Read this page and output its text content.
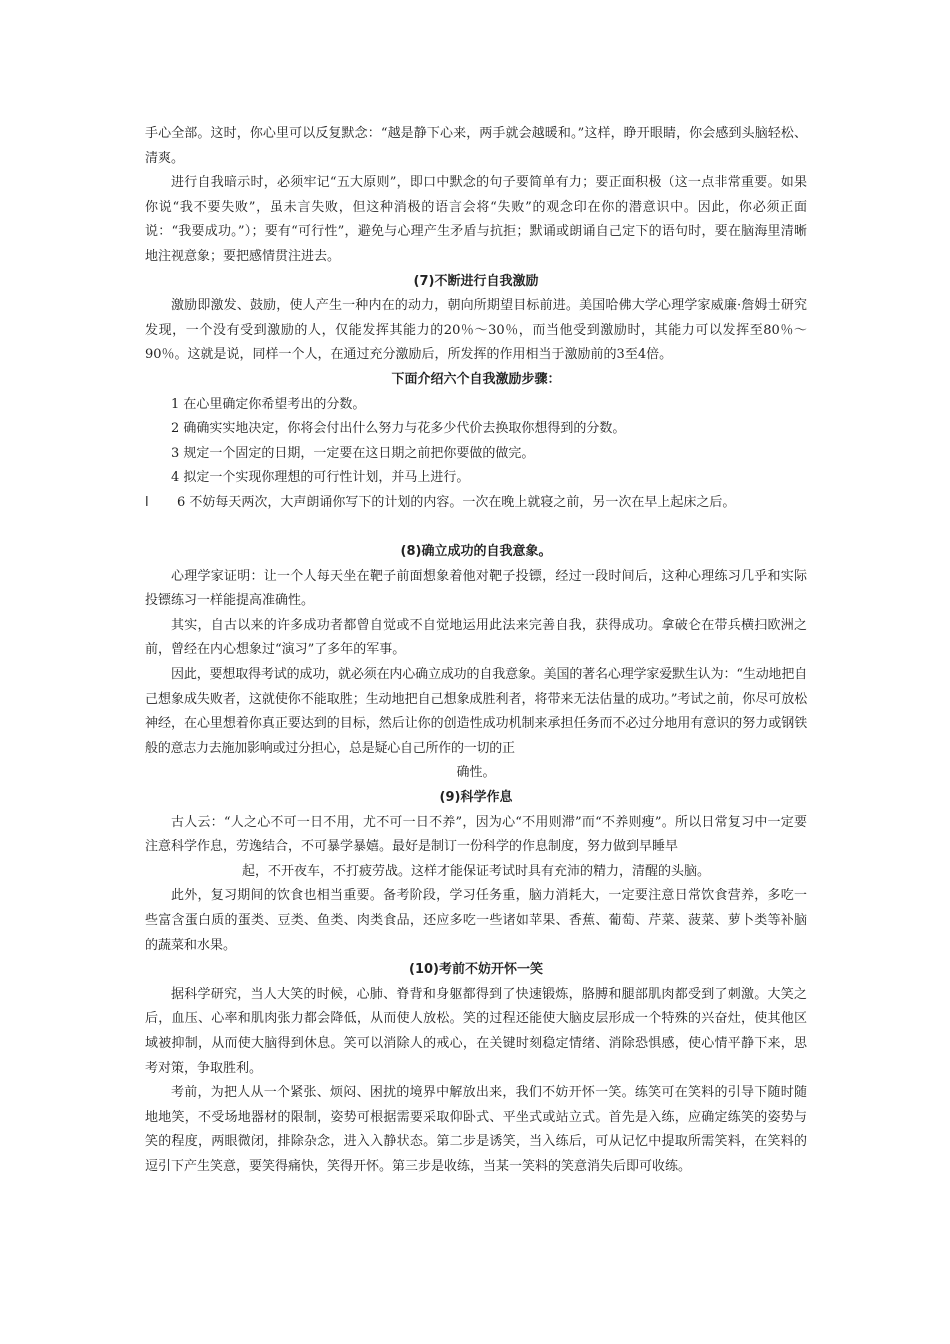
手心全部。这时，你心里可以反复默念：“越是静下心来，两手就会越暖和。”这样，睁开眼睛，你会感到头脑轻松、清爽。

进行自我暗示时，必须牢记“五大原则”，即口中默念的句子要简单有力；要正面积极（这一点非常重要。如果你说“我不要失败”，虽未言失败，但这种消极的语言会将“失败”的观念印在你的潜意识中。因此，你必须正面说：“我要成功。”）；要有“可行性”，避免与心理产生矛盾与抗拒；默诵或朗诵自己定下的语句时，要在脑海里清晰地注视意象；要把感情贯注进去。

(7)不断进行自我激励

激励即激发、鼓励，使人产生一种内在的动力，朝向所期望目标前进。美国哈佛大学心理学家威廉·詹姆士研究发现，一个没有受到激励的人，仅能发挥其能力的20％～30％，而当他受到激励时，其能力可以发挥至80％～90％。这就是说，同样一个人，在通过充分激励后，所发挥的作用相当于激励前的3至4倍。

下面介绍六个自我激励步骤：
1 在心里确定你希望考出的分数。
2 确确实实地决定，你将会付出什么努力与花多少代价去换取你想得到的分数。
3 规定一个固定的日期，一定要在这日期之前把你要做的做完。
4 拟定一个实现你理想的可行性计划，并马上进行。
l 6 不妨每天两次，大声朗诵你写下的计划的内容。一次在晚上就寝之前，另一次在早上起床之后。
(8)确立成功的自我意象。

心理学家证明：让一个人每天坐在靶子前面想象着他对靶子投镖，经过一段时间后，这种心理练习几乎和实际投镖练习一样能提高准确性。

其实，自古以来的许多成功者都曾自觉或不自觉地运用此法来完善自我，获得成功。拿破仑在带兵横扫欧洲之前，曾经在内心想象过“演习”了多年的军事。

因此，要想取得考试的成功，就必须在内心确立成功的自我意象。美国的著名心理学家爱默生认为：“生动地把自己想象成失败者，这就使你不能取胜；生动地把自己想象成胜利者，将带来无法估量的成功。”考试之前，你尽可放松神经，在心里想着你真正要达到的目标，然后让你的创造性成功机制来承担任务而不必过分地用有意识的努力或钢铁般的意志力去施加影响或过分担心，总是疑心自己所作的一切的正

确性。

(9)科学作息

古人云：“人之心不可一日不用，尤不可一日不养”，因为心“不用则滞”而“不养则瘦”。所以日常复习中一定要注意科学作息，劳逸结合，不可暴学暴嬉。最好是制订一份科学的作息制度，努力做到早睡早

起，不开夜车，不打疲劳战。这样才能保证考试时具有充沛的精力，清醒的头脑。

此外，复习期间的饮食也相当重要。备考阶段，学习任务重，脑力消耗大，一定要注意日常饮食营养，多吃一些富含蛋白质的蛋类、豆类、鱼类、肉类食品，还应多吃一些诸如苹果、香蕉、葡萄、芹菜、菠菜、萝卜类等补脑的蔬菜和水果。

(10)考前不妨开怀一笑

据科学研究，当人大笑的时候，心肺、脊背和身躯都得到了快速锻炼，胳膊和腿部肌肉都受到了刺激。大笑之后，血压、心率和肌肉张力都会降低，从而使人放松。笑的过程还能使大脑皮层形成一个特殊的兴奋灶，使其他区域被抑制，从而使大脑得到休息。笑可以消除人的戒心，在关键时刻稳定情绪、消除恐惧感，使心情平静下来，思考对策，争取胜利。

考前，为把人从一个紧张、烦闷、困扰的境界中解放出来，我们不妨开怀一笑。练笑可在笑料的引导下随时随地地笑，不受场地器材的限制，姿势可根据需要采取仰卧式、平坐式或站立式。首先是入练，应确定练笑的姿势与笑的程度，两眼微闭，排除杂念，进入入静状态。第二步是诱笑，当入练后，可从记忆中提取所需笑料，在笑料的逗引下产生笑意，要笑得痛快，笑得开怀。第三步是收练，当某一笑料的笑意消失后即可收练。
